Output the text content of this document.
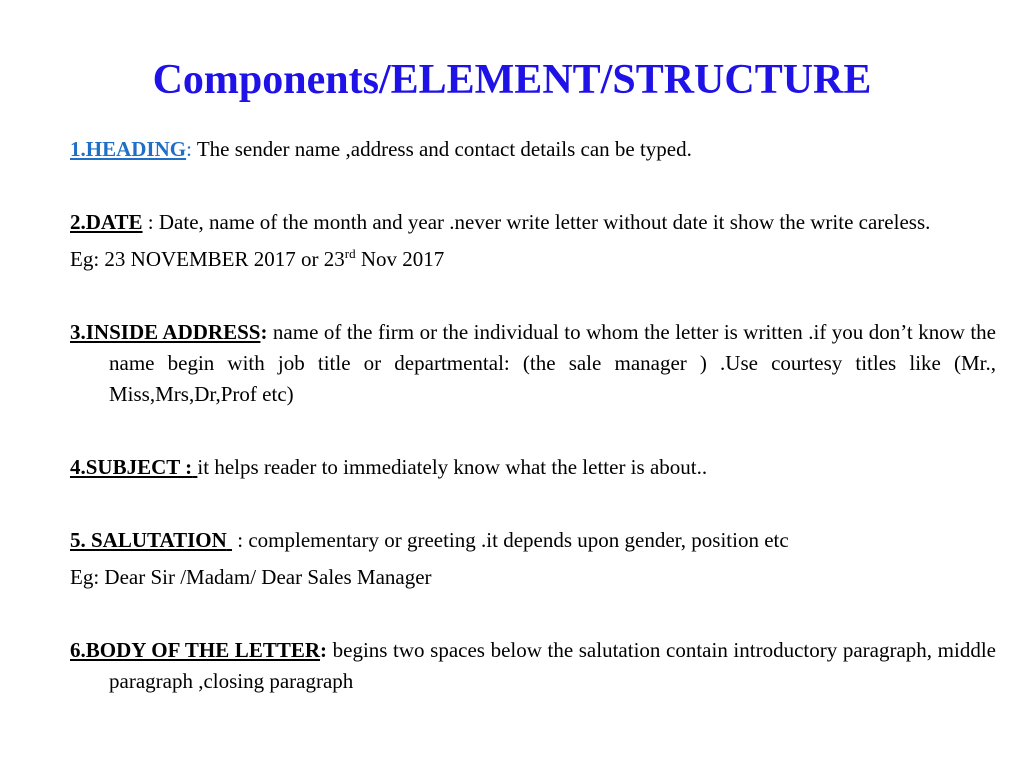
Components/ELEMENT/STRUCTURE
1.HEADING: The sender name ,address and contact details can be typed.
2.DATE : Date, name of the month and year .never write letter without date it show the write careless.
Eg: 23 NOVEMBER 2017 or 23rd Nov 2017
3.INSIDE ADDRESS: name of the firm or the individual to whom the letter is written .if you don’t know the name begin with job title or departmental: (the sale manager ) .Use courtesy titles like (Mr., Miss,Mrs,Dr,Prof etc)
4.SUBJECT : it helps reader to immediately know what the letter is about..
5. SALUTATION  : complementary or greeting .it depends upon gender, position etc
Eg: Dear Sir /Madam/ Dear Sales Manager
6.BODY OF THE LETTER: begins two spaces below the salutation contain introductory paragraph, middle paragraph ,closing paragraph
